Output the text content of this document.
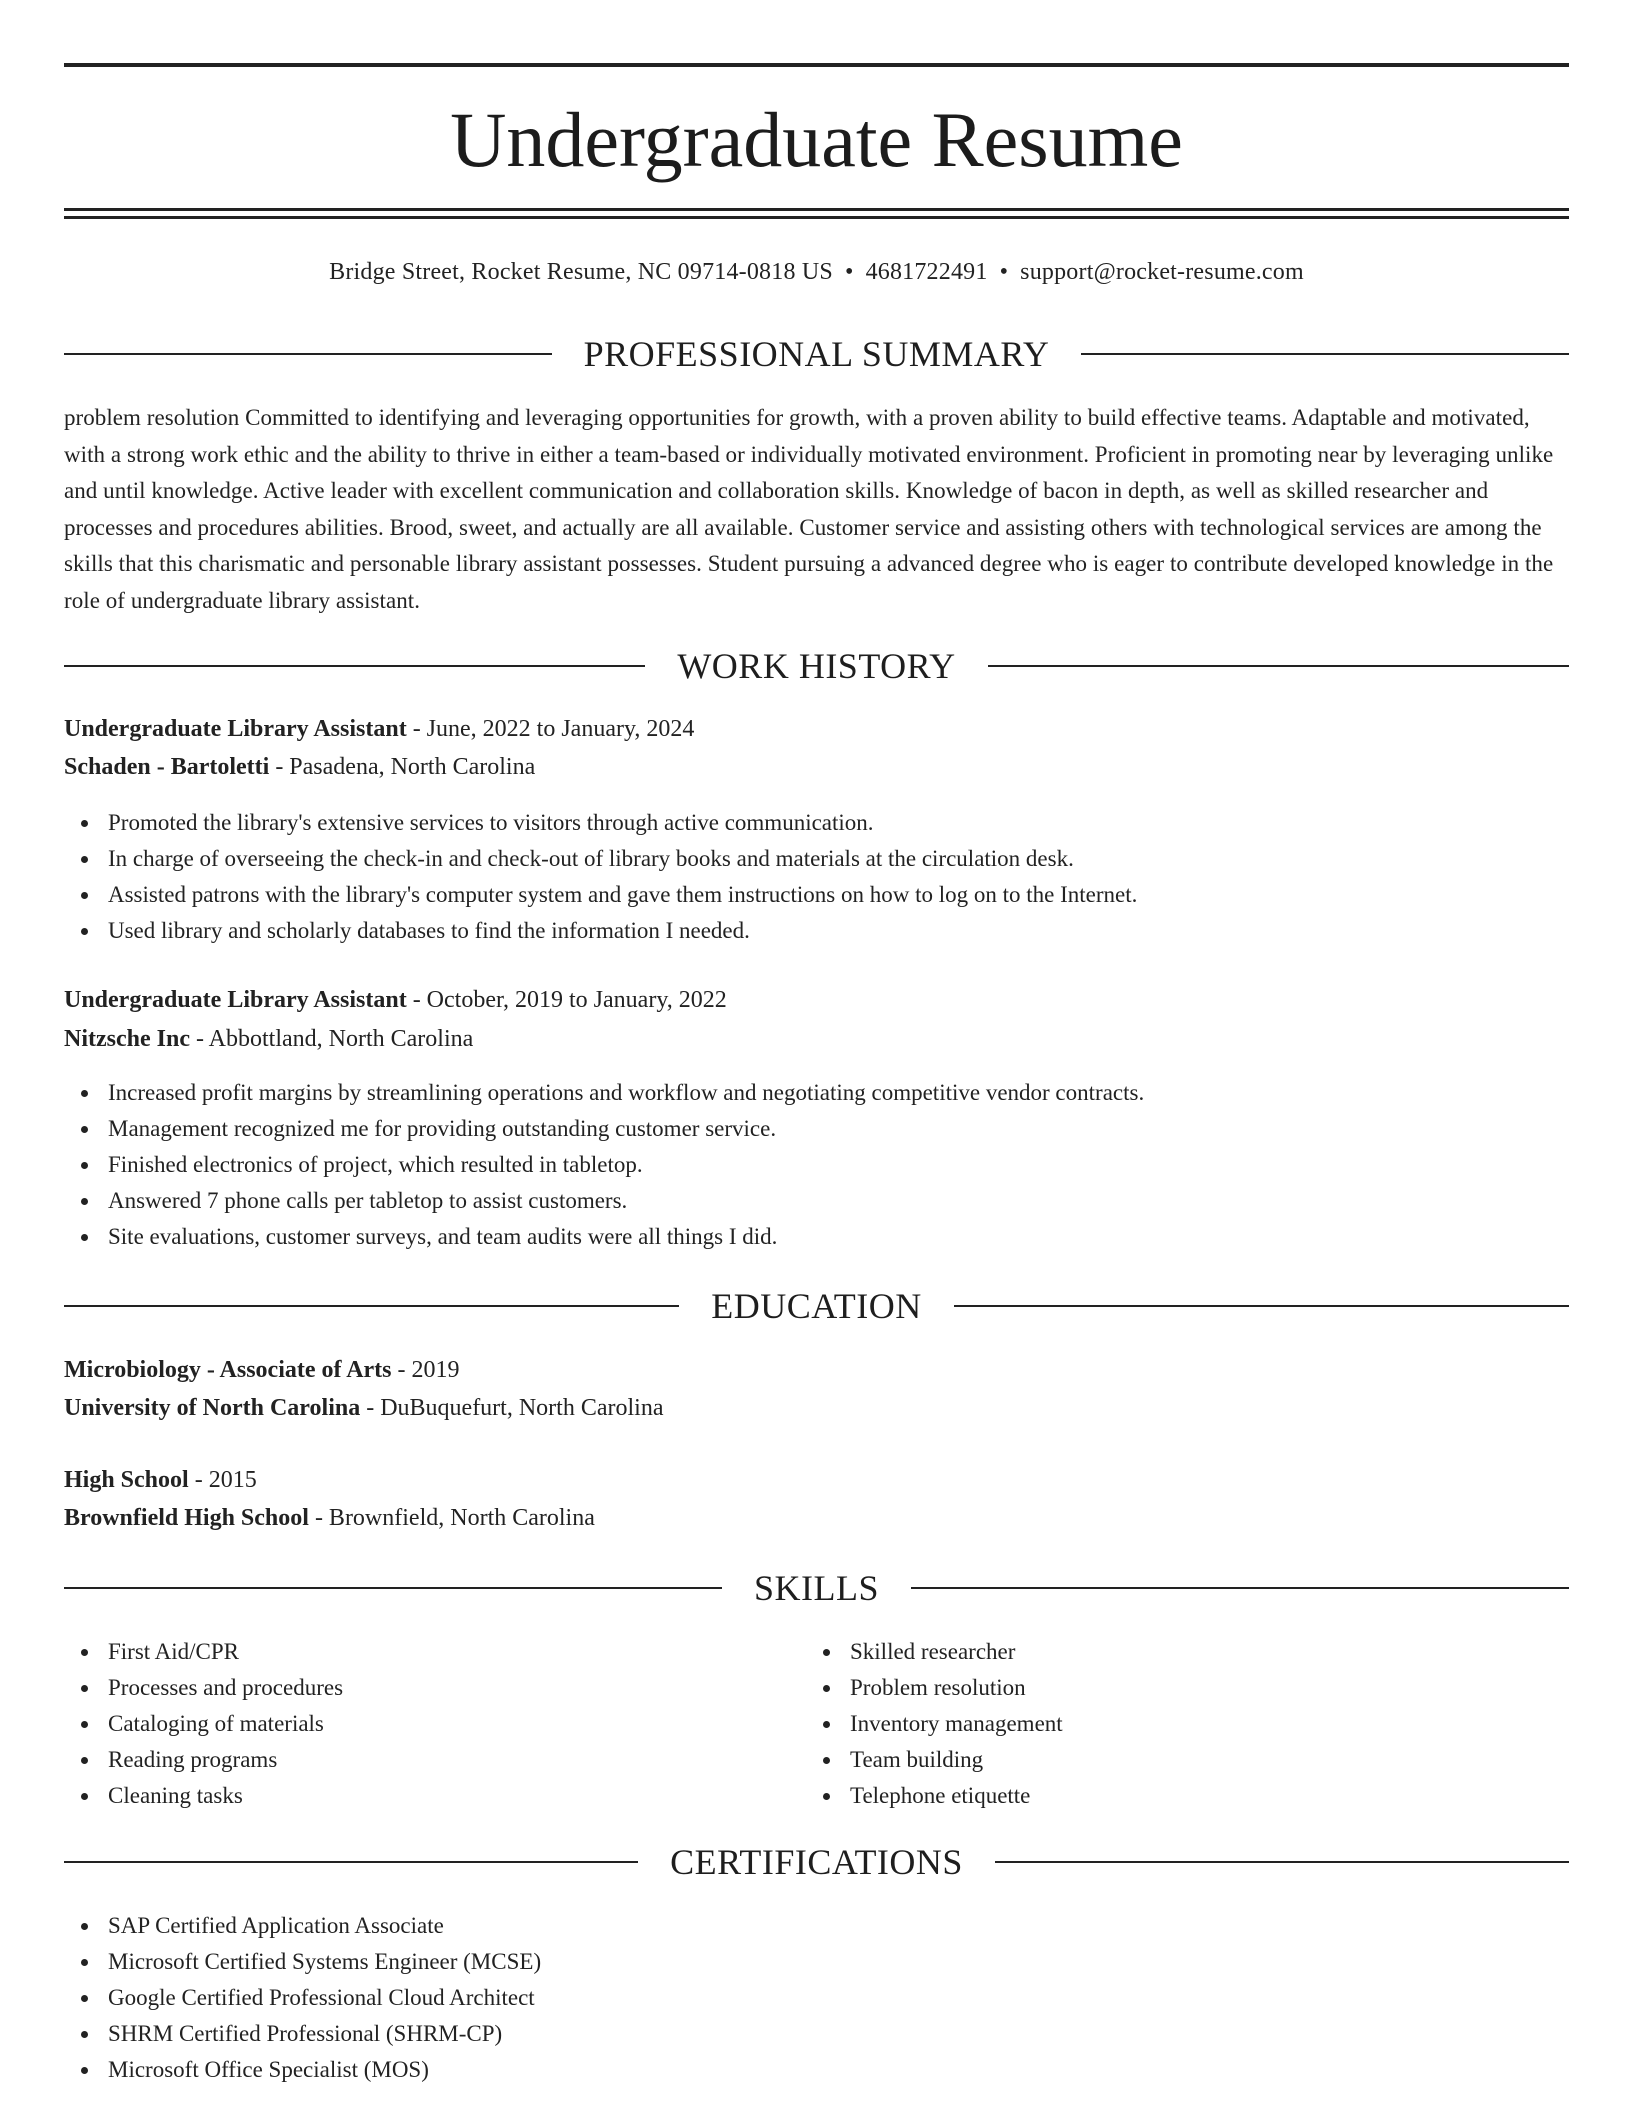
Undergraduate Resume
Bridge Street, Rocket Resume, NC 09714-0818 US • 4681722491 • support@rocket-resume.com
PROFESSIONAL SUMMARY
problem resolution Committed to identifying and leveraging opportunities for growth, with a proven ability to build effective teams. Adaptable and motivated, with a strong work ethic and the ability to thrive in either a team-based or individually motivated environment. Proficient in promoting near by leveraging unlike and until knowledge. Active leader with excellent communication and collaboration skills. Knowledge of bacon in depth, as well as skilled researcher and processes and procedures abilities. Brood, sweet, and actually are all available. Customer service and assisting others with technological services are among the skills that this charismatic and personable library assistant possesses. Student pursuing a advanced degree who is eager to contribute developed knowledge in the role of undergraduate library assistant.
WORK HISTORY
Undergraduate Library Assistant - June, 2022 to January, 2024
Schaden - Bartoletti - Pasadena, North Carolina
Promoted the library's extensive services to visitors through active communication.
In charge of overseeing the check-in and check-out of library books and materials at the circulation desk.
Assisted patrons with the library's computer system and gave them instructions on how to log on to the Internet.
Used library and scholarly databases to find the information I needed.
Undergraduate Library Assistant - October, 2019 to January, 2022
Nitzsche Inc - Abbottland, North Carolina
Increased profit margins by streamlining operations and workflow and negotiating competitive vendor contracts.
Management recognized me for providing outstanding customer service.
Finished electronics of project, which resulted in tabletop.
Answered 7 phone calls per tabletop to assist customers.
Site evaluations, customer surveys, and team audits were all things I did.
EDUCATION
Microbiology - Associate of Arts - 2019
University of North Carolina - DuBuquefurt, North Carolina
High School - 2015
Brownfield High School - Brownfield, North Carolina
SKILLS
First Aid/CPR
Processes and procedures
Cataloging of materials
Reading programs
Cleaning tasks
Skilled researcher
Problem resolution
Inventory management
Team building
Telephone etiquette
CERTIFICATIONS
SAP Certified Application Associate
Microsoft Certified Systems Engineer (MCSE)
Google Certified Professional Cloud Architect
SHRM Certified Professional (SHRM-CP)
Microsoft Office Specialist (MOS)
